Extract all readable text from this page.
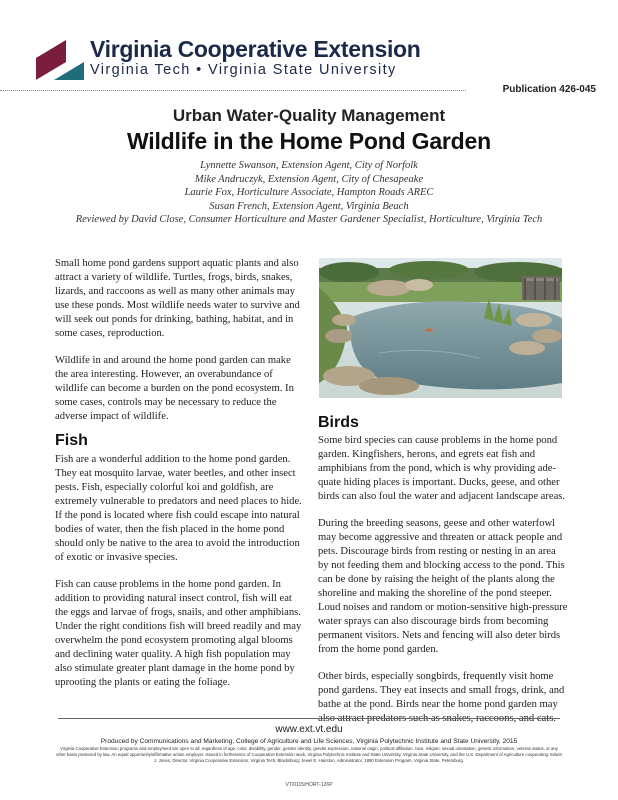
Virginia Cooperative Extension
Virginia Tech • Virginia State University
Publication 426-045
Urban Water-Quality Management
Wildlife in the Home Pond Garden
Lynnette Swanson, Extension Agent, City of Norfolk
Mike Andruczyk, Extension Agent, City of Chesapeake
Laurie Fox, Horticulture Associate, Hampton Roads AREC
Susan French, Extension Agent, Virginia Beach
Reviewed by David Close, Consumer Horticulture and Master Gardener Specialist, Horticulture, Virginia Tech

Small home pond gardens support aquatic plants and also attract a variety of wildlife. Turtles, frogs, birds, snakes, lizards, and raccoons as well as many other animals may use these ponds. Most wildlife needs water to survive and will seek out ponds for drinking, bathing, habitat, and in some cases, reproduction.

Wildlife in and around the home pond garden can make the area interesting. However, an overabundance of wildlife can become a burden on the pond ecosystem. In some cases, controls may be necessary to reduce the adverse impact of wildlife.

Fish

Fish are a wonderful addition to the home pond garden. They eat mosquito larvae, water beetles, and other insect pests. Fish, especially colorful koi and goldfish, are extremely vulnerable to predators and need places to hide. If the pond is located where fish could escape into natural bodies of water, then the fish placed in the home pond should only be native to the area to avoid the introduction of exotic or invasive species.

Fish can cause problems in the home pond garden. In addition to providing natural insect control, fish will eat the eggs and larvae of frogs, snails, and other amphibians. Under the right conditions fish will breed readily and may overwhelm the pond ecosystem promoting algal blooms and declining water quality. A high fish population may also stimulate greater plant damage in the home pond by uprooting the plants or eating the foliage.

Birds

Some bird species can cause problems in the home pond garden. Kingfishers, herons, and egrets eat fish and amphibians from the pond, which is why providing adequate hiding places is important. Ducks, geese, and other birds can also foul the water and adjacent landscape areas.

During the breeding seasons, geese and other waterfowl may become aggressive and threaten or attack people and pets. Discourage birds from resting or nesting in an area by not feeding them and blocking access to the pond. This can be done by raising the height of the plants along the shoreline and making the shoreline of the pond steeper. Loud noises and random or motion-sensitive high-pressure water sprays can also discourage birds from becoming permanent visitors. Nets and fencing will also deter birds from the home pond garden.

Other birds, especially songbirds, frequently visit home pond gardens. They eat insects and small frogs, drink, and bathe at the pond. Birds near the home pond garden may also attract predators such as snakes, raccoons, and cats.

www.ext.vt.edu
Produced by Communications and Marketing, College of Agriculture and Life Sciences, Virginia Polytechnic Institute and State University, 2015
Virginia Cooperative Extension programs and employment are open to all, regardless of age, color, disability, gender, gender identity, gender expression, national origin, political affiliation, race, religion, sexual orientation, genetic information, veteran status, or any other basis protected by law. An equal opportunity/affirmative action employer. Issued in furtherance of Cooperative Extension work, Virginia Polytechnic Institute and State University, Virginia State University, and the U.S. Department of Agriculture cooperating. Edwin J. Jones, Director, Virginia Cooperative Extension, Virginia Tech, Blacksburg; Jewel E. Hairston, Administrator, 1890 Extension Program, Virginia State, Petersburg.
VT/0115/HORT-126P
